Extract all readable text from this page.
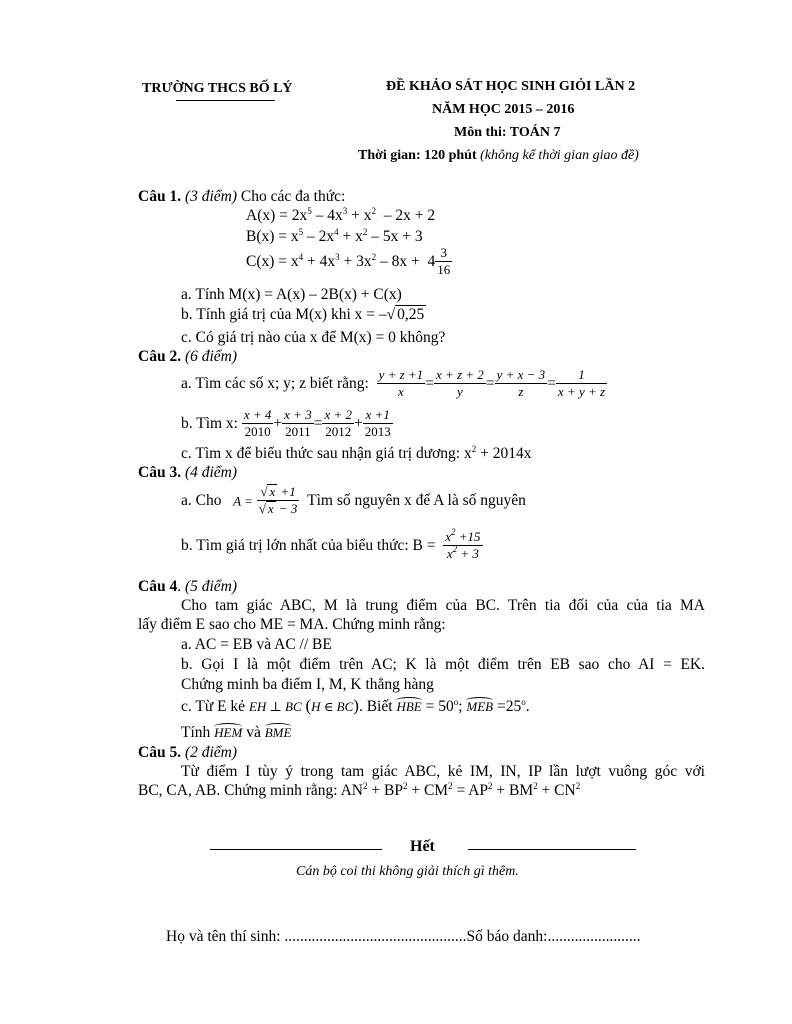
TRƯỜNG THCS BỐ LÝ	ĐỀ KHẢO SÁT HỌC SINH GIỎI LẦN 2
NĂM HỌC 2015 – 2016
Môn thi: TOÁN 7
Thời gian: 120 phút (không kể thời gian giao đề)
Câu 1. (3 điểm) Cho các đa thức:
$A(x) = 2x^5 - 4x^3 + x^2 - 2x + 2$
$B(x) = x^5 - 2x^4 + x^2 - 5x + 3$
$C(x) = x^4 + 4x^3 + 3x^2 - 8x + 4 \frac{3}{16}$
a. Tính M(x) = A(x) – 2B(x) + C(x)
b. Tính giá trị của M(x) khi x = –√ 0,25
c. Có giá trị nào của x để M(x) = 0 không?
Câu 2. (6 điểm)
a. Tìm các số x; y; z biết rằng: $\frac{y + z +1}{x} = \frac{x + z + 2}{y} = \frac{y + x - 3}{z} = \frac{1}{x + y + z}$
b. Tìm x: $\frac{x + 4}{2010} + \frac{x + 3}{2011} = \frac{x + 2}{2012} + \frac{x +1}{2013}$
c. Tìm x để biểu thức sau nhận giá trị dương: $x^2 + 2014x$
Câu 3. (4 điểm)
a. Cho $A = \frac{√ x +1}{√ x - 3}$ Tìm số nguyên x để A là số nguyên
b. Tìm giá trị lớn nhất của biểu thức: $B = \frac{x^2 +15}{x^2 + 3}$
Câu 4. (5 điểm)
Cho tam giác ABC, M là trung điểm của BC. Trên tia đối của của tia MA
lấy điểm E sao cho ME = MA. Chứng minh rằng:
a. AC = EB và AC // BE
b. Gọi I là một điểm trên AC; K là một điểm trên EB sao cho AI = EK.
Chứng minh ba điểm I, M, K thẳng hàng
c. Từ E kẻ EH ⊥ BC (H ∈ BC). Biết HBE = $50^o$; MEB $=25^o$.
Tính HEM và BME
Câu 5. (2 điểm)
Từ điểm I tùy ý trong tam giác ABC, kẻ IM, IN, IP lần lượt vuông góc với
BC, CA, AB. Chứng minh rằng: $AN^2 + BP^2 + CM^2 = AP^2 + BM^2 + CN^2$
Hết
Cán bộ coi thi không giải thích gì thêm.
Họ và tên thí sinh: ...............................................Số báo danh:........................
